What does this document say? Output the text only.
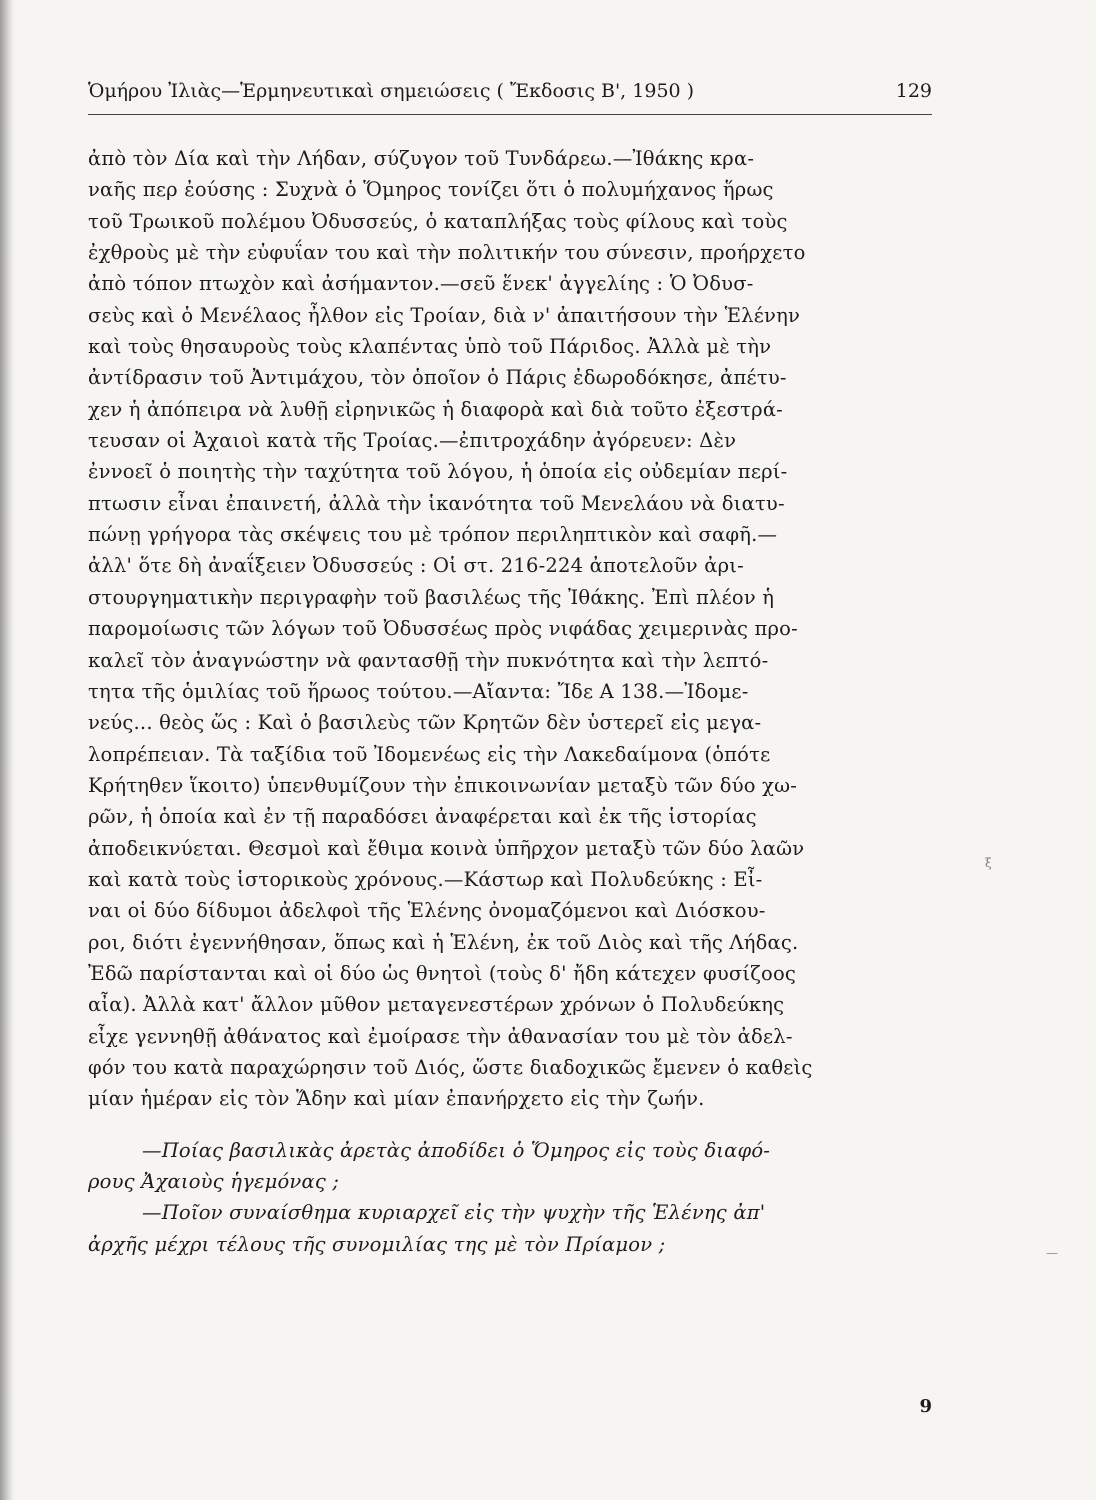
Ὁμήρου Ἰλιὰς—Ἑρμηνευτικαὶ σημειώσεις ( Ἔκδοσις Β', 1950 )	129
ἀπὸ τὸν Δία καὶ τὴν Λήδαν, σύζυγον τοῦ Τυνδάρεω.—Ἰθάκης κρα-
ναῆς περ ἐούσης : Συχνὰ ὁ Ὅμηρος τονίζει ὅτι ὁ πολυμήχανος ἥρως
τοῦ Τρωικοῦ πολέμου Ὀδυσσεύς, ὁ καταπλήξας τοὺς φίλους καὶ τοὺς
ἐχθροὺς μὲ τὴν εὐφυΐαν του καὶ τὴν πολιτικήν του σύνεσιν, προήρχετο
ἀπὸ τόπον πτωχὸν καὶ ἀσήμαντον.—σεῦ ἕνεκ' ἀγγελίης : Ὁ Ὀδυσ-
σεὺς καὶ ὁ Μενέλαος ἦλθον εἰς Τροίαν, διὰ ν' ἀπαιτήσουν τὴν Ἑλένην
καὶ τοὺς θησαυροὺς τοὺς κλαπέντας ὑπὸ τοῦ Πάριδος. Ἀλλὰ μὲ τὴν
ἀντίδρασιν τοῦ Ἀντιμάχου, τὸν ὁποῖον ὁ Πάρις ἐδωροδόκησε, ἀπέτυ-
χεν ἡ ἀπόπειρα νὰ λυθῇ εἰρηνικῶς ἡ διαφορὰ καὶ διὰ τοῦτο ἐξεστρά-
τευσαν οἱ Ἀχαιοὶ κατὰ τῆς Τροίας.—ἐπιτροχάδην ἀγόρευεν: Δὲν
ἐννοεῖ ὁ ποιητὴς τὴν ταχύτητα τοῦ λόγου, ἡ ὁποία εἰς οὐδεμίαν περί-
πτωσιν εἶναι ἐπαινετή, ἀλλὰ τὴν ἱκανότητα τοῦ Μενελάου νὰ διατυ-
πώνῃ γρήγορα τὰς σκέψεις του μὲ τρόπον περιληπτικὸν καὶ σαφῆ.—
ἀλλ' ὅτε δὴ ἀναΐξειεν Ὀδυσσεύς : Οἱ στ. 216-224 ἀποτελοῦν ἀρι-
στουργηματικὴν περιγραφὴν τοῦ βασιλέως τῆς Ἰθάκης. Ἐπὶ πλέον ἡ
παρομοίωσις τῶν λόγων τοῦ Ὀδυσσέως πρὸς νιφάδας χειμερινὰς προ-
καλεῖ τὸν ἀναγνώστην νὰ φαντασθῇ τὴν πυκνότητα καὶ τὴν λεπτό-
τητα τῆς ὁμιλίας τοῦ ἥρωος τούτου.—Αἴαντα: Ἴδε Α 138.—Ἰδομε-
νεύς... θεὸς ὥς : Καὶ ὁ βασιλεὺς τῶν Κρητῶν δὲν ὑστερεῖ εἰς μεγα-
λοπρέπειαν. Τὰ ταξίδια τοῦ Ἰδομενέως εἰς τὴν Λακεδαίμονα (ὁπότε
Κρήτηθεν ἵκοιτο) ὑπενθυμίζουν τὴν ἐπικοινωνίαν μεταξὺ τῶν δύο χω-
ρῶν, ἡ ὁποία καὶ ἐν τῇ παραδόσει ἀναφέρεται καὶ ἐκ τῆς ἱστορίας
ἀποδεικνύεται. Θεσμοὶ καὶ ἔθιμα κοινὰ ὑπῆρχον μεταξὺ τῶν δύο λαῶν
καὶ κατὰ τοὺς ἱστορικοὺς χρόνους.—Κάστωρ καὶ Πολυδεύκης : Εἶ-
ναι οἱ δύο δίδυμοι ἀδελφοὶ τῆς Ἑλένης ὀνομαζόμενοι καὶ Διόσκου-
ροι, διότι ἐγεννήθησαν, ὅπως καὶ ἡ Ἑλένη, ἐκ τοῦ Διὸς καὶ τῆς Λήδας.
Ἐδῶ παρίστανται καὶ οἱ δύο ὡς θνητοὶ (τοὺς δ' ἤδη κάτεχεν φυσίζοος
αἶα). Ἀλλὰ κατ' ἄλλον μῦθον μεταγενεστέρων χρόνων ὁ Πολυδεύκης
εἶχε γεννηθῇ ἀθάνατος καὶ ἐμοίρασε τὴν ἀθανασίαν του μὲ τὸν ἀδελ-
φόν του κατὰ παραχώρησιν τοῦ Διός, ὥστε διαδοχικῶς ἔμενεν ὁ καθεὶς
μίαν ἡμέραν εἰς τὸν Ἅδην καὶ μίαν ἐπανήρχετο εἰς τὴν ζωήν.
—Ποίας βασιλικὰς ἀρετὰς ἀποδίδει ὁ Ὅμηρος εἰς τοὺς διαφό-
ρους Ἀχαιοὺς ἡγεμόνας ;
—Ποῖον συναίσθημα κυριαρχεῖ εἰς τὴν ψυχὴν τῆς Ἑλένης ἀπ'
ἀρχῆς μέχρι τέλους τῆς συνομιλίας της μὲ τὸν Πρίαμον ;
9
ξ
—
